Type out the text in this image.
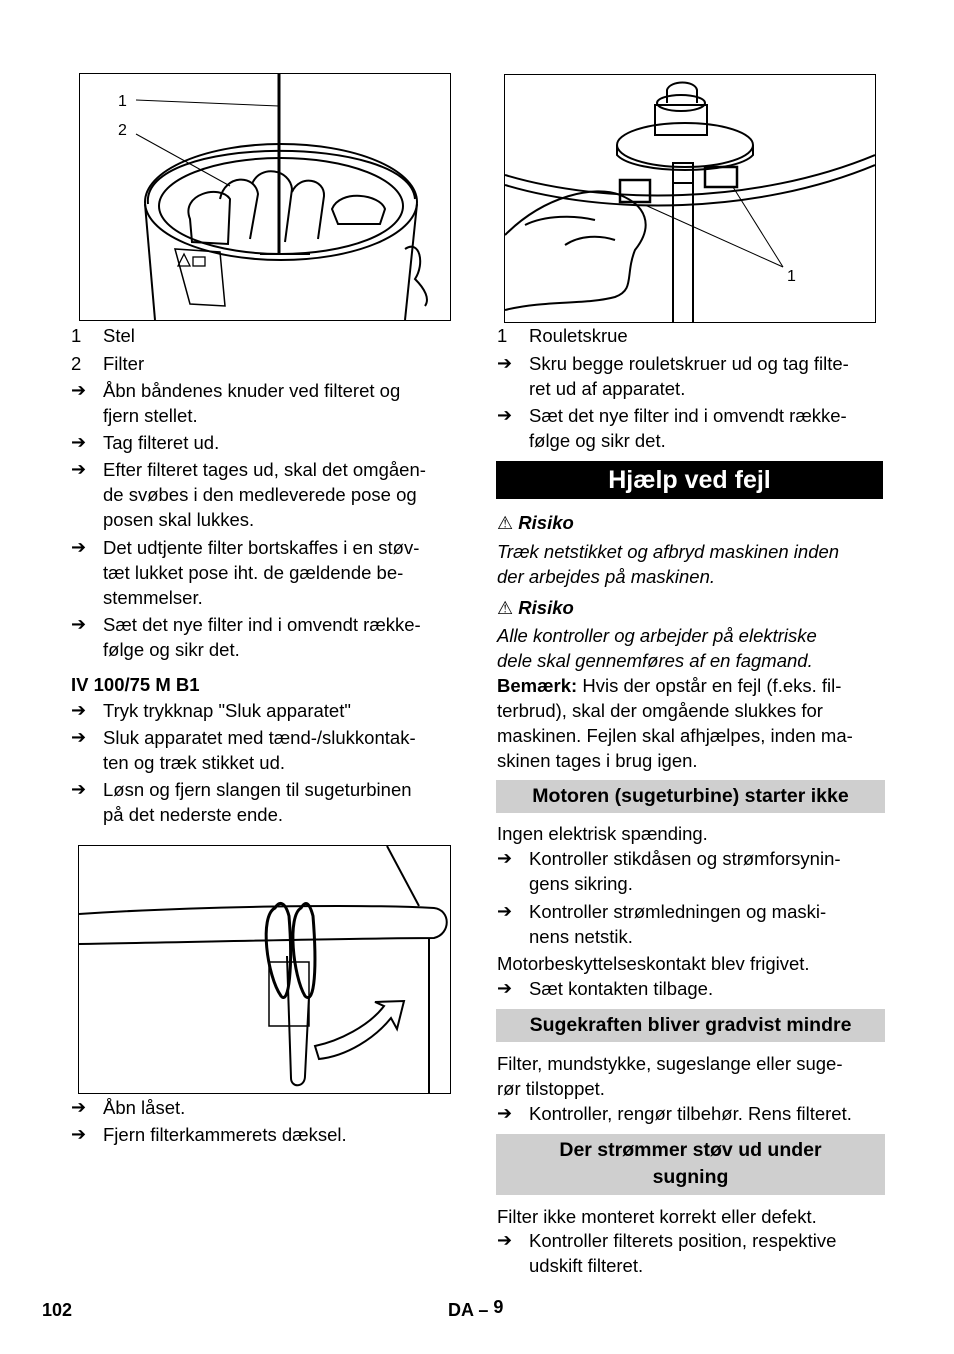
1
2
1	Stel
2	Filter
➔ Åbn båndenes knuder ved filteret og
fjern stellet.
➔ Tag filteret ud.
➔ Efter filteret tages ud, skal det omgåen-
de svøbes i den medleverede pose og
posen skal lukkes.
➔ Det udtjente filter bortskaffes i en støv-
tæt lukket pose iht. de gældende be-
stemmelser.
➔ Sæt det nye filter ind i omvendt række-
følge og sikr det.
IV 100/75 M B1
➔ Tryk trykknap "Sluk apparatet"
➔ Sluk apparatet med tænd-/slukkontak-
ten og træk stikket ud.
➔ Løsn og fjern slangen til sugeturbinen
på det nederste ende.
➔ Åbn låset.
➔ Fjern filterkammerets dæksel.
1
1	Rouletskrue
➔ Skru begge rouletskruer ud og tag filte-
ret ud af apparatet.
➔ Sæt det nye filter ind i omvendt række-
følge og sikr det.
Hjælp ved fejl
⚠ Risiko
Træk netstikket og afbryd maskinen inden
der arbejdes på maskinen.
⚠ Risiko
Alle kontroller og arbejder på elektriske
dele skal gennemføres af en fagmand.
Bemærk: Hvis der opstår en fejl (f.eks. fil-
terbrud), skal der omgående slukkes for
maskinen. Fejlen skal afhjælpes, inden ma-
skinen tages i brug igen.
Motoren (sugeturbine) starter ikke
Ingen elektrisk spænding.
➔ Kontroller stikdåsen og strømforsynin-
gens sikring.
➔ Kontroller strømledningen og maski-
nens netstik.
Motorbeskyttelseskontakt blev frigivet.
➔ Sæt kontakten tilbage.
Sugekraften bliver gradvist mindre
Filter, mundstykke, sugeslange eller suge-
rør tilstoppet.
➔ Kontroller, rengør tilbehør. Rens filteret.
Der strømmer støv ud under
sugning
Filter ikke monteret korrekt eller defekt.
➔ Kontroller filterets position, respektive
udskift filteret.
102	DA – 9
